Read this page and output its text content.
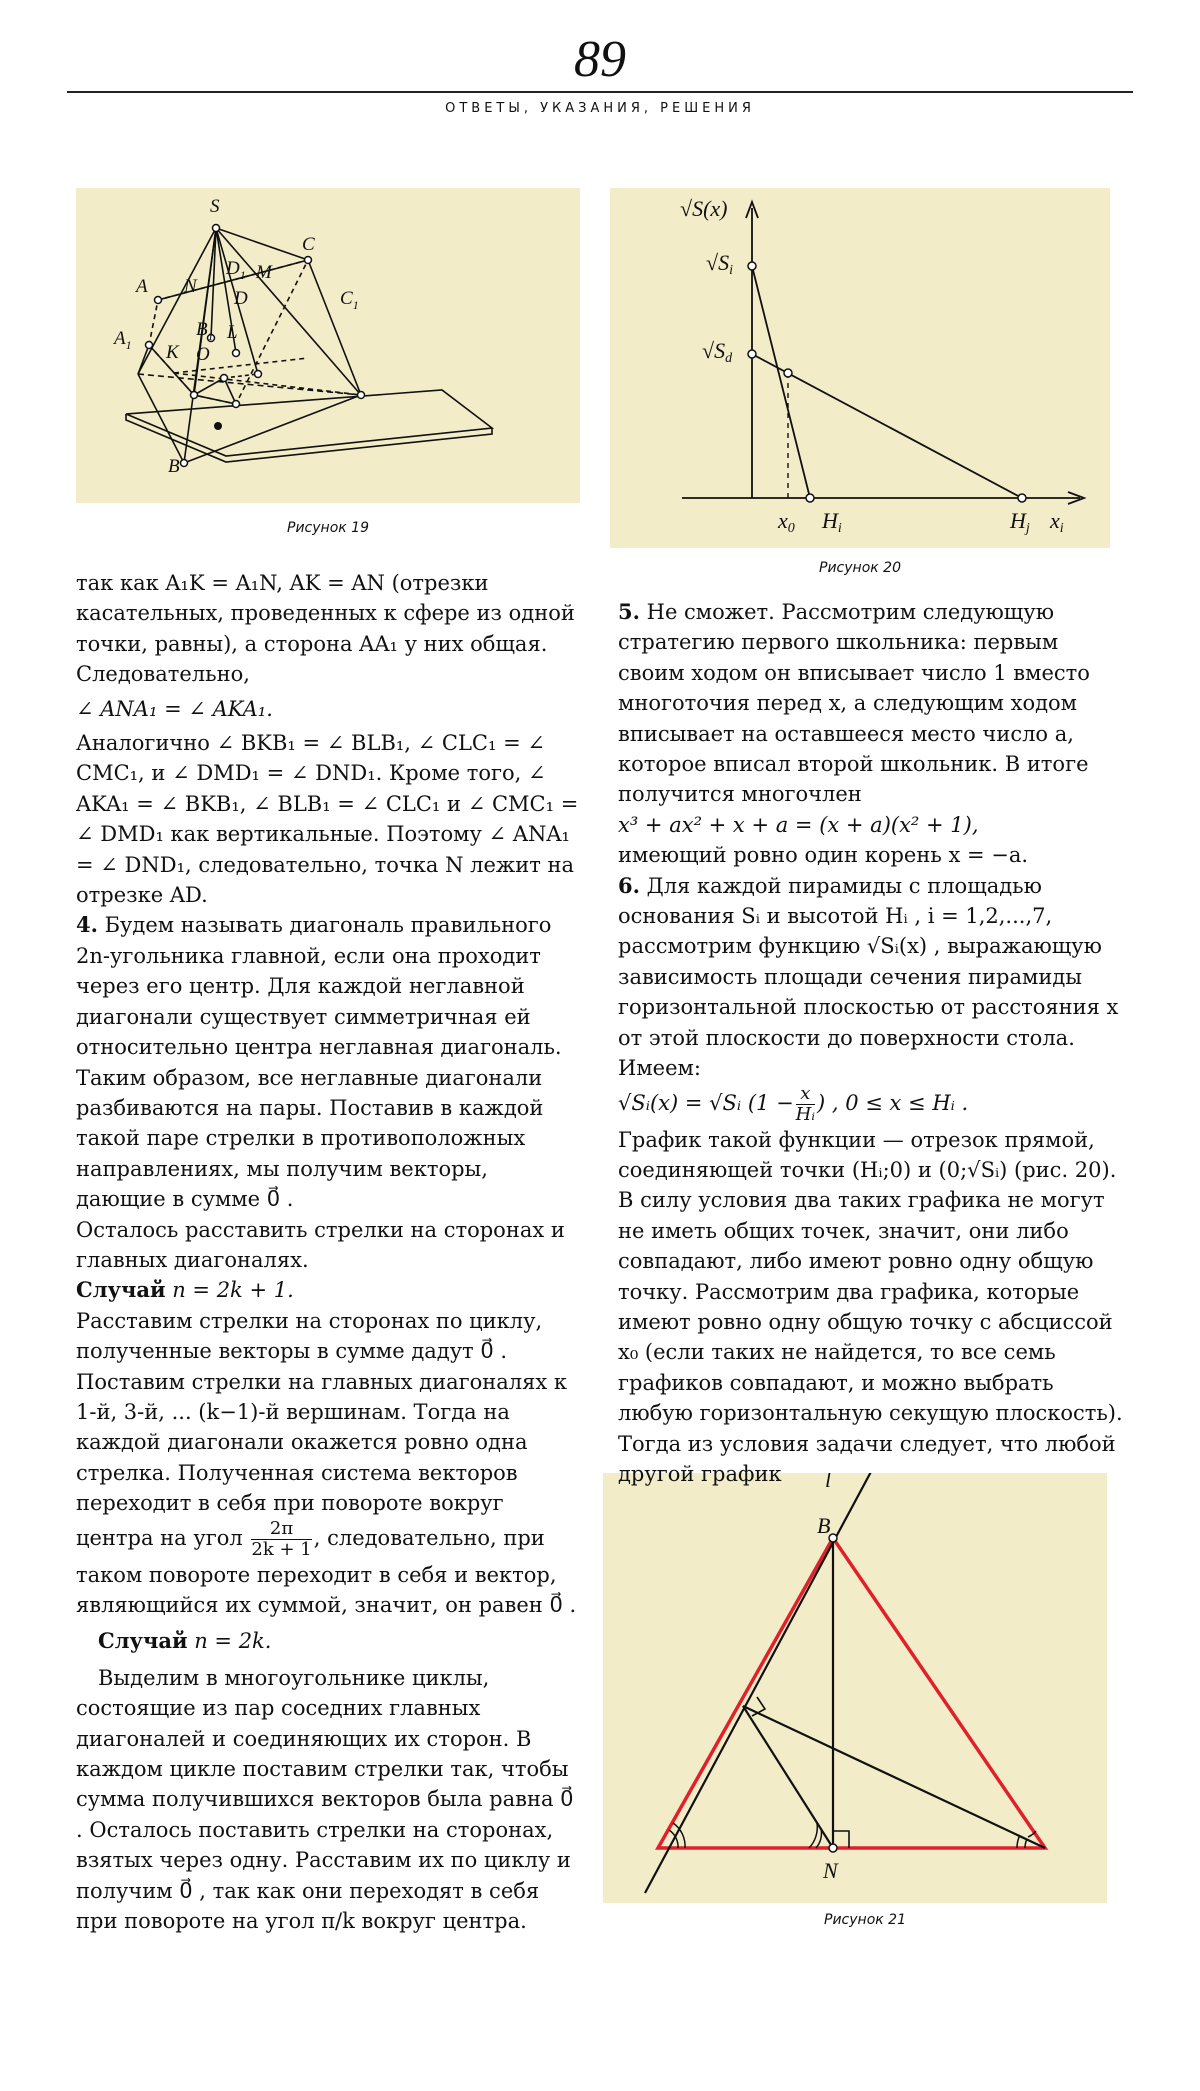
89
ОТВЕТЫ, УКАЗАНИЯ, РЕШЕНИЯ
S
A
$A_1$
N
$D_1$ M
C
D	$C_1$
K
$B_1$ L
O
B
Рисунок 19
√S(x)
√Si
√Sd
x0 Hi	Hj xi
Рисунок 20
l
B
N
Рисунок 21

так как A₁K = A₁N, AK = AN (отрезки касательных, проведенных к сфере из одной точки, равны), а сторона AA₁ у них общая. Следовательно,

∠ ANA₁ = ∠ AKA₁.

Аналогично ∠ BKB₁ = ∠ BLB₁, ∠ CLC₁ = ∠ CMC₁, и ∠ DMD₁ = ∠ DND₁. Кроме того, ∠ AKA₁ = ∠ BKB₁, ∠ BLB₁ = ∠ CLC₁ и ∠ CMC₁ = ∠ DMD₁ как вертикальные. Поэтому ∠ ANA₁ = ∠ DND₁, следовательно, точка N лежит на отрезке AD.

4. Будем называть диагональ правильного 2n-угольника главной, если она проходит через его центр. Для каждой неглавной диагонали существует симметричная ей относительно центра неглавная диагональ. Таким образом, все неглавные диагонали разбиваются на пары. Поставив в каждой такой паре стрелки в противоположных направлениях, мы получим векторы, дающие в сумме 0⃗ .

Осталось расставить стрелки на сторонах и главных диагоналях.

Случай n = 2k + 1.

Расставим стрелки на сторонах по циклу, полученные векторы в сумме дадут 0⃗ .

Поставим стрелки на главных диагоналях к 1-й, 3-й, ... (k−1)-й вершинам. Тогда на каждой диагонали окажется ровно одна стрелка. Полученная система векторов переходит в себя при повороте вокруг центра на угол $\frac{2\pi}{2k + 1}$ , следовательно, при таком повороте переходит в себя и вектор, являющийся их суммой, значит, он равен 0⃗ .

Случай n = 2k.

Выделим в многоугольнике циклы, состоящие из пар соседних главных диагоналей и соединяющих их сторон. В каждом цикле поставим стрелки так, чтобы сумма получившихся векторов была равна 0⃗ . Осталось поставить стрелки на сторонах, взятых через одну. Расставим их по циклу и получим 0⃗ , так как они переходят в себя при повороте на угол π/k вокруг центра.

5. Не сможет. Рассмотрим следующую стратегию первого школьника: первым своим ходом он вписывает число 1 вместо многоточия перед x, а следующим ходом вписывает на оставшееся место число a, которое вписал второй школьник. В итоге получится многочлен

x³ + ax² + x + a = (x + a)(x² + 1),

имеющий ровно один корень x = −a.

6. Для каждой пирамиды с площадью основания Sᵢ и высотой Hᵢ , i = 1,2,...,7, рассмотрим функцию √Sᵢ(x) , выражающую зависимость площади сечения пирамиды горизонтальной плоскостью от расстояния x от этой плоскости до поверхности стола. Имеем:

√Sᵢ(x) = √Sᵢ ($1 - \frac{x}{\text{Hᵢ}}$ ) , 0 ≤ x ≤ Hᵢ .

График такой функции — отрезок прямой, соединяющей точки (Hᵢ;0) и (0;√Sᵢ) (рис. 20). В силу условия два таких графика не могут не иметь общих точек, значит, они либо совпадают, либо имеют ровно одну общую точку. Рассмотрим два графика, которые имеют ровно одну общую точку с абсциссой x₀ (если таких не найдется, то все семь графиков совпадают, и можно выбрать любую горизонтальную секущую плоскость). Тогда из условия задачи следует, что любой другой график
